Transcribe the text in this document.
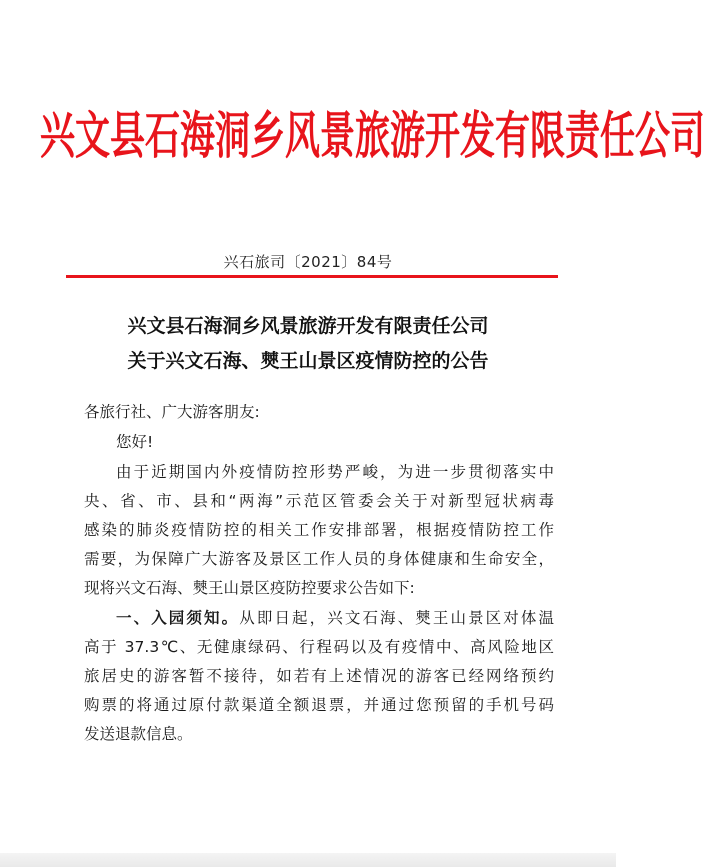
兴文县石海洞乡风景旅游开发有限责任公司
兴石旅司〔2021〕84号
兴文县石海洞乡风景旅游开发有限责任公司
关于兴文石海、僰王山景区疫情防控的公告
各旅行社、广大游客朋友:
您好!
由于近期国内外疫情防控形势严峻，为进一步贯彻落实中
央、省、市、县和“两海”示范区管委会关于对新型冠状病毒
感染的肺炎疫情防控的相关工作安排部署，根据疫情防控工作
需要，为保障广大游客及景区工作人员的身体健康和生命安全，
现将兴文石海、僰王山景区疫防控要求公告如下:
一、入园须知。从即日起，兴文石海、僰王山景区对体温
高于 37.3℃、无健康绿码、行程码以及有疫情中、高风险地区
旅居史的游客暂不接待，如若有上述情况的游客已经网络预约
购票的将通过原付款渠道全额退票，并通过您预留的手机号码
发送退款信息。
